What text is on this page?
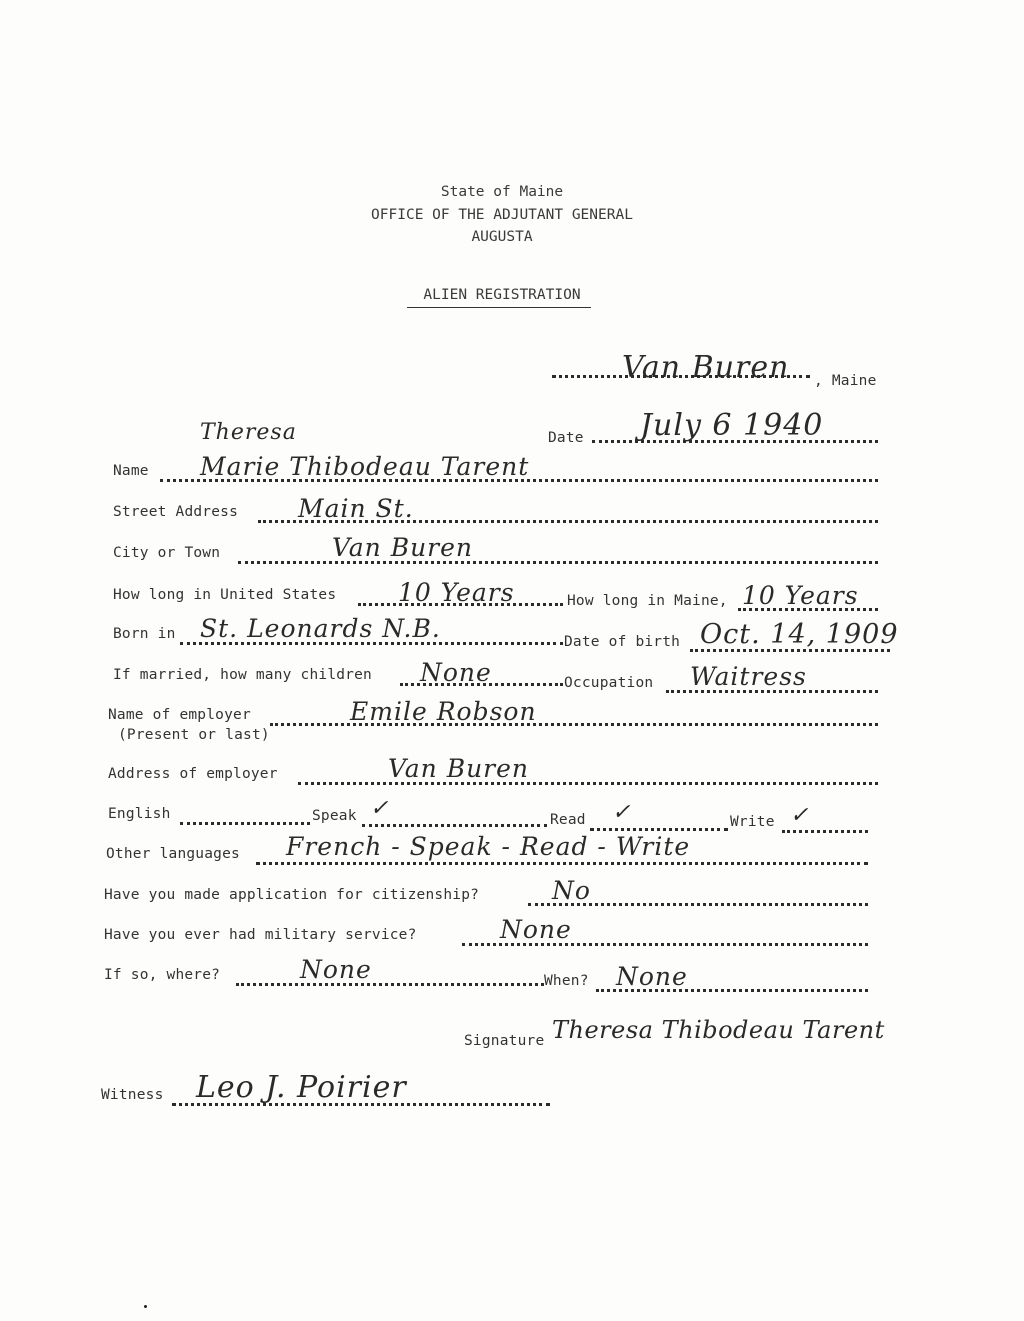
State of Maine
OFFICE OF THE ADJUTANT GENERAL
AUGUSTA
ALIEN REGISTRATION
Van Buren , Maine
Date July 6 1940
Theresa
Name Marie Thibodeau Tarent
Street Address Main St.
City or Town	Van Buren
How long in United States 10 Years	How long in Maine, 10 Years
Born in St. Leonards N.B.	Date of birth Oct. 14, 1909
If married, how many children None	Occupation Waitress
Name of employer	Emile Robson
(Present or last)
Address of employer	Van Buren
English	Speak ✓	Read ✓	Write ✓
Other languages French - Speak - Read - Write
Have you made application for citizenship?	No
Have you ever had military service?	None
If so, where?	None	When? None
Signature Theresa Thibodeau Tarent
Witness Leo J. Poirier
